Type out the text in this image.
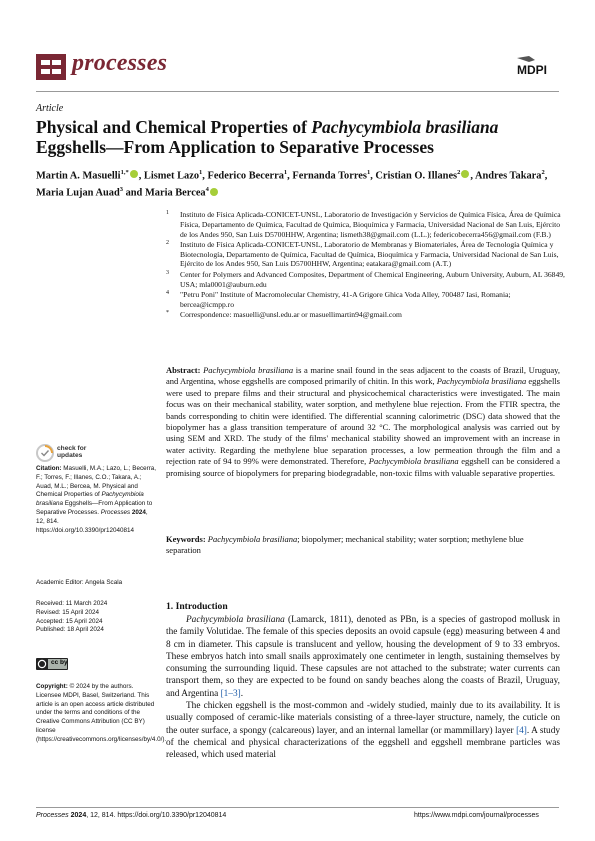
processes	MDPI
Article
Physical and Chemical Properties of Pachycymbiola brasiliana Eggshells—From Application to Separative Processes
Martin A. Masuelli$^{1,*}$ , Lismet Lazo$^1$, Federico Becerra$^1$, Fernanda Torres$^1$, Cristian O. Illanes$^2$ , Andres Takara$^2$, Maria Lujan Auad$^3$ and Maria Bercea$^4$
1 Instituto de Física Aplicada-CONICET-UNSL, Laboratorio de Investigación y Servicios de Química Física, Área de Química Física, Departamento de Química, Facultad de Química, Bioquímica y Farmacia, Universidad Nacional de San Luis, Ejército de los Andes 950, San Luis D5700HHW, Argentina; lismeth38@gmail.com (L.L.); federicobecerra456@gmail.com (F.B.)
2 Instituto de Física Aplicada-CONICET-UNSL, Laboratorio de Membranas y Biomateriales, Área de Tecnología Química y Biotecnología, Departamento de Química, Facultad de Química, Bioquímica y Farmacia, Universidad Nacional de San Luis, Ejército de los Andes 950, San Luis D5700HHW, Argentina; eatakara@gmail.com (A.T.)
3 Center for Polymers and Advanced Composites, Department of Chemical Engineering, Auburn University, Auburn, AL 36849, USA; mla0001@auburn.edu
4 "Petru Poni" Institute of Macromolecular Chemistry, 41-A Grigore Ghica Voda Alley, 700487 Iasi, Romania; bercea@icmpp.ro
* Correspondence: masuelli@unsl.edu.ar or masuellimartin94@gmail.com
Abstract: Pachycymbiola brasiliana is a marine snail found in the seas adjacent to the coasts of Brazil, Uruguay, and Argentina, whose eggshells are composed primarily of chitin. In this work, Pachycymbiola brasiliana eggshells were used to prepare films and their structural and physicochemical characteristics were investigated. The main focus was on their mechanical stability, water sorption, and methylene blue rejection. From the FTIR spectra, the bands corresponding to chitin were identified. The differential scanning calorimetric (DSC) data showed that the biopolymer has a glass transition temperature of around 32 °C. The morphological analysis was carried out by using SEM and XRD. The study of the films' mechanical stability showed an improvement with an increase in water activity. Regarding the methylene blue separation processes, a low permeation through the film and a rejection rate of 94 to 99% were demonstrated. Therefore, Pachycymbiola brasiliana eggshell can be considered a promising source of biopolymers for preparing biodegradable, non-toxic films with valuable separative properties.
Keywords: Pachycymbiola brasiliana; biopolymer; mechanical stability; water sorption; methylene blue separation
check for updates
Citation: Masuelli, M.A.; Lazo, L.; Becerra, F.; Torres, F.; Illanes, C.O.; Takara, A.; Auad, M.L.; Bercea, M. Physical and Chemical Properties of Pachycymbiola brasiliana Eggshells—From Application to Separative Processes. Processes 2024, 12, 814. https://doi.org/10.3390/pr12040814
Academic Editor: Angela Scala
Received: 11 March 2024
Revised: 15 April 2024
Accepted: 15 April 2024
Published: 18 April 2024
cc by
Copyright: © 2024 by the authors. Licensee MDPI, Basel, Switzerland. This article is an open access article distributed under the terms and conditions of the Creative Commons Attribution (CC BY) license (https://creativecommons.org/licenses/by/4.0/).
1. Introduction

Pachycymbiola brasiliana (Lamarck, 1811), denoted as PBn, is a species of gastropod mollusk in the family Volutidae. The female of this species deposits an ovoid capsule (egg) measuring between 4 and 8 cm in diameter. This capsule is translucent and yellow, housing the development of 9 to 33 embryos. These embryos hatch into small snails approximately one centimeter in length, sustaining themselves by consuming the surrounding liquid. These capsules are not attached to the substrate; water currents can transport them, so they are expected to be found on sandy beaches along the coasts of Brazil, Uruguay, and Argentina [1–3].

The chicken eggshell is the most-common and -widely studied, mainly due to its availability. It is usually composed of ceramic-like materials consisting of a three-layer structure, namely, the cuticle on the outer surface, a spongy (calcareous) layer, and an internal lamellar (or mammillary) layer [4]. A study of the chemical and physical characterizations of the eggshell and eggshell membrane particles was released, which used material

Processes 2024, 12, 814. https://doi.org/10.3390/pr12040814	https://www.mdpi.com/journal/processes
